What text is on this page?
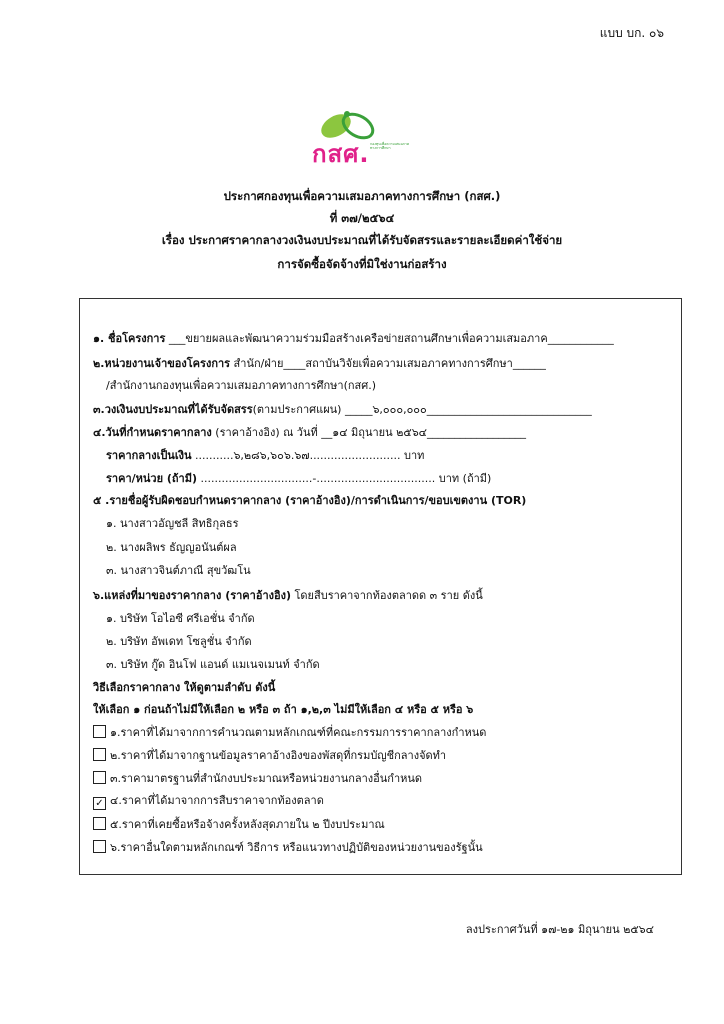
แบบ บก. ๐๖
กสศ. กองทุนเพื่อความเสมอภาคทางการศึกษา
ประกาศกองทุนเพื่อความเสมอภาคทางการศึกษา (กสศ.)
ที่ ๓๗/๒๕๖๔
เรื่อง ประกาศราคากลางวงเงินงบประมาณที่ได้รับจัดสรรและรายละเอียดค่าใช้จ่าย
การจัดซื้อจัดจ้างที่มิใช่งานก่อสร้าง
๑. ชื่อโครงการ ___ขยายผลและพัฒนาความร่วมมือสร้างเครือข่ายสถานศึกษาเพื่อความเสมอภาค____________
๒.หน่วยงานเจ้าของโครงการ สำนัก/ฝ่าย____สถาบันวิจัยเพื่อความเสมอภาคทางการศึกษา______
/สำนักงานกองทุนเพื่อความเสมอภาคทางการศึกษา(กสศ.)
๓.วงเงินงบประมาณที่ได้รับจัดสรร(ตามประกาศแผน) _____๖,๐๐๐,๐๐๐______________________________
๔.วันที่กำหนดราคากลาง (ราคาอ้างอิง) ณ วันที่ __๑๔ มิถุนายน ๒๕๖๔__________________
ราคากลางเป็นเงิน ...........๖,๒๘๖,๖๐๖.๖๗.......................... บาท
ราคา/หน่วย (ถ้ามี) ................................-.................................. บาท (ถ้ามี)
๕ .รายชื่อผู้รับผิดชอบกำหนดราคากลาง (ราคาอ้างอิง)/การดำเนินการ/ขอบเขตงาน (TOR)
๑. นางสาวอัญชลี สิทธิกุลธร
๒. นางผลิพร ธัญญอนันต์ผล
๓. นางสาวจินต์ภาณี สุขวัฒโน
๖.แหล่งที่มาของราคากลาง (ราคาอ้างอิง) โดยสืบราคาจากท้องตลาดด ๓ ราย ดังนี้
๑. บริษัท โอไอซี ศรีเอชั่น จำกัด
๒. บริษัท อัพเดท โซลูชั่น จำกัด
๓. บริษัท กู๊ด อินโฟ แอนด์ แมเนจเมนท์ จำกัด
วิธีเลือกราคากลาง ให้ดูตามลำดับ ดังนี้
ให้เลือก ๑ ก่อนถ้าไม่มีให้เลือก ๒ หรือ ๓ ถ้า ๑,๒,๓ ไม่มีให้เลือก ๔ หรือ ๕ หรือ ๖
๑.ราคาที่ได้มาจากการคำนวณตามหลักเกณฑ์ที่คณะกรรมการราคากลางกำหนด
๒.ราคาที่ได้มาจากฐานข้อมูลราคาอ้างอิงของพัสดุที่กรมบัญชีกลางจัดทำ
๓.ราคามาตรฐานที่สำนักงบประมาณหรือหน่วยงานกลางอื่นกำหนด
✓ ๔.ราคาที่ได้มาจากการสืบราคาจากท้องตลาด
๕.ราคาที่เคยซื้อหรือจ้างครั้งหลังสุดภายใน ๒ ปีงบประมาณ
๖.ราคาอื่นใดตามหลักเกณฑ์ วิธีการ หรือแนวทางปฏิบัติของหน่วยงานของรัฐนั้น
ลงประกาศวันที่ ๑๗-๒๑ มิถุนายน ๒๕๖๔
